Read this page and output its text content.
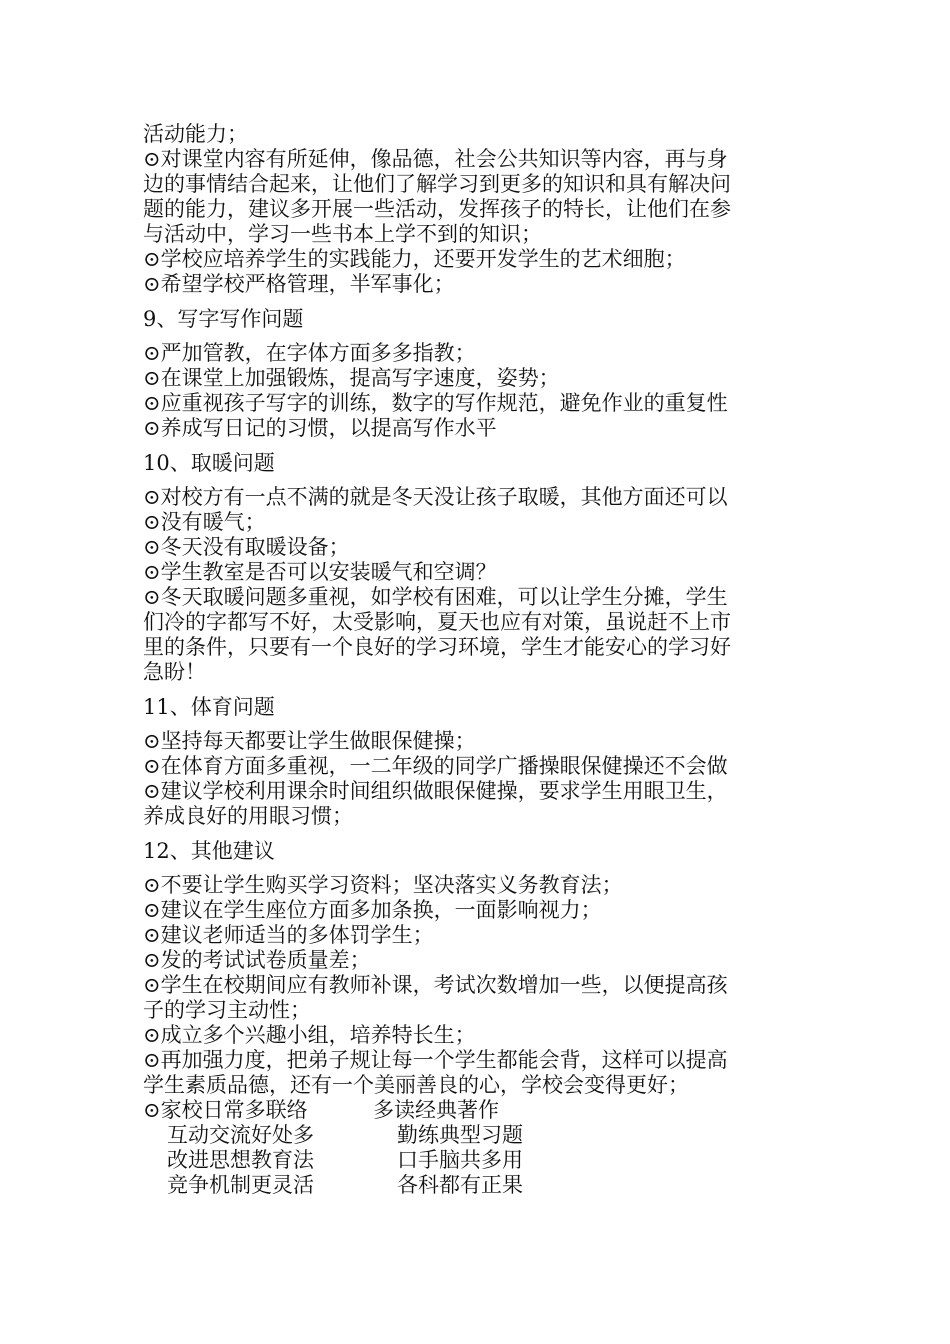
活动能力；
⊙对课堂内容有所延伸，像品德，社会公共知识等内容，再与身
边的事情结合起来，让他们了解学习到更多的知识和具有解决问
题的能力，建议多开展一些活动，发挥孩子的特长，让他们在参
与活动中，学习一些书本上学不到的知识；
⊙学校应培养学生的实践能力，还要开发学生的艺术细胞；
⊙希望学校严格管理，半军事化；
9、写字写作问题
⊙严加管教，在字体方面多多指教；
⊙在课堂上加强锻炼，提高写字速度，姿势；
⊙应重视孩子写字的训练，数字的写作规范，避免作业的重复性
⊙养成写日记的习惯，以提高写作水平
10、取暖问题
⊙对校方有一点不满的就是冬天没让孩子取暖，其他方面还可以
⊙没有暖气；
⊙冬天没有取暖设备；
⊙学生教室是否可以安装暖气和空调？
⊙冬天取暖问题多重视，如学校有困难，可以让学生分摊，学生
们冷的字都写不好，太受影响，夏天也应有对策，虽说赶不上市
里的条件，只要有一个良好的学习环境，学生才能安心的学习好
急盼！
11、体育问题
⊙坚持每天都要让学生做眼保健操；
⊙在体育方面多重视，一二年级的同学广播操眼保健操还不会做
⊙建议学校利用课余时间组织做眼保健操，要求学生用眼卫生，
养成良好的用眼习惯；
12、其他建议
⊙不要让学生购买学习资料；坚决落实义务教育法；
⊙建议在学生座位方面多加条换，一面影响视力；
⊙建议老师适当的多体罚学生；
⊙发的考试试卷质量差；
⊙学生在校期间应有教师补课，考试次数增加一些，以便提高孩
子的学习主动性；
⊙成立多个兴趣小组，培养特长生；
⊙再加强力度，把弟子规让每一个学生都能会背，这样可以提高
学生素质品德，还有一个美丽善良的心，学校会变得更好；
⊙家校日常多联络	多读经典著作
互动交流好处多	勤练典型习题
改进思想教育法	口手脑共多用
竞争机制更灵活	各科都有正果
